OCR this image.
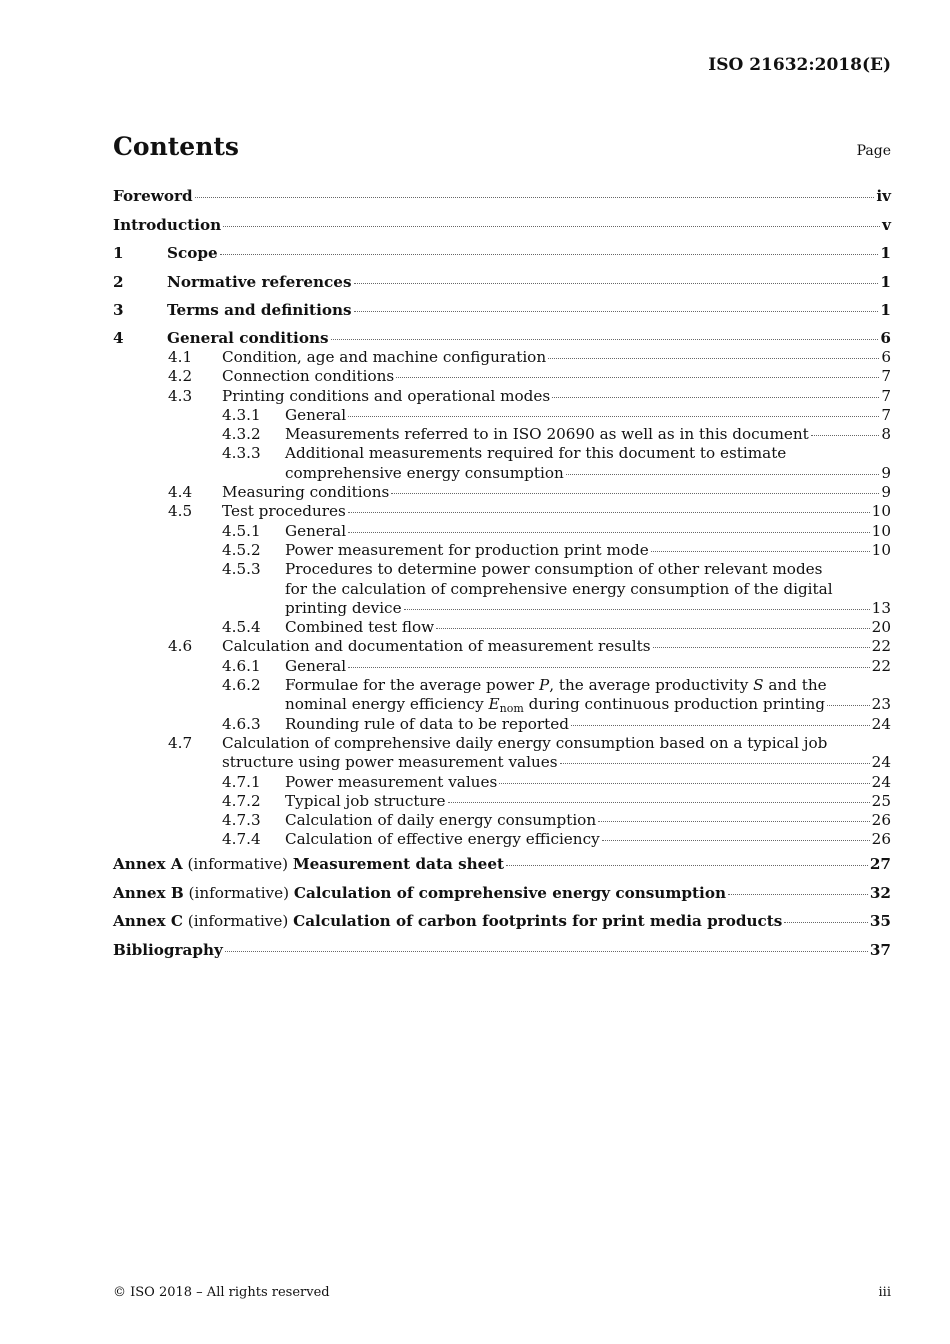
ISO 21632:2018(E)
Contents	Page
Foreword	iv
Introduction	v
1	Scope	1
2	Normative references	1
3	Terms and definitions	1
4	General conditions	6
4.1	Condition, age and machine configuration	6
4.2	Connection conditions	7
4.3	Printing conditions and operational modes	7
4.3.1	General	7
4.3.2	Measurements referred to in ISO 20690 as well as in this document	8
4.3.3	Additional measurements required for this document to estimate
comprehensive energy consumption	9
4.4	Measuring conditions	9
4.5	Test procedures	10
4.5.1	General	10
4.5.2	Power measurement for production print mode	10
4.5.3	Procedures to determine power consumption of other relevant modes
for the calculation of comprehensive energy consumption of the digital
printing device	13
4.5.4	Combined test flow	20
4.6	Calculation and documentation of measurement results	22
4.6.1	General	22
4.6.2	Formulae for the average power P, the average productivity S and the
nominal energy efficiency $E_{nom}$ during continuous production printing	23
4.6.3	Rounding rule of data to be reported	24
4.7	Calculation of comprehensive daily energy consumption based on a typical job
structure using power measurement values	24
4.7.1	Power measurement values	24
4.7.2	Typical job structure	25
4.7.3	Calculation of daily energy consumption	26
4.7.4	Calculation of effective energy efficiency	26
Annex A (informative) Measurement data sheet	27
Annex B (informative) Calculation of comprehensive energy consumption	32
Annex C (informative) Calculation of carbon footprints for print media products	35
Bibliography	37
© ISO 2018 – All rights reserved	iii
